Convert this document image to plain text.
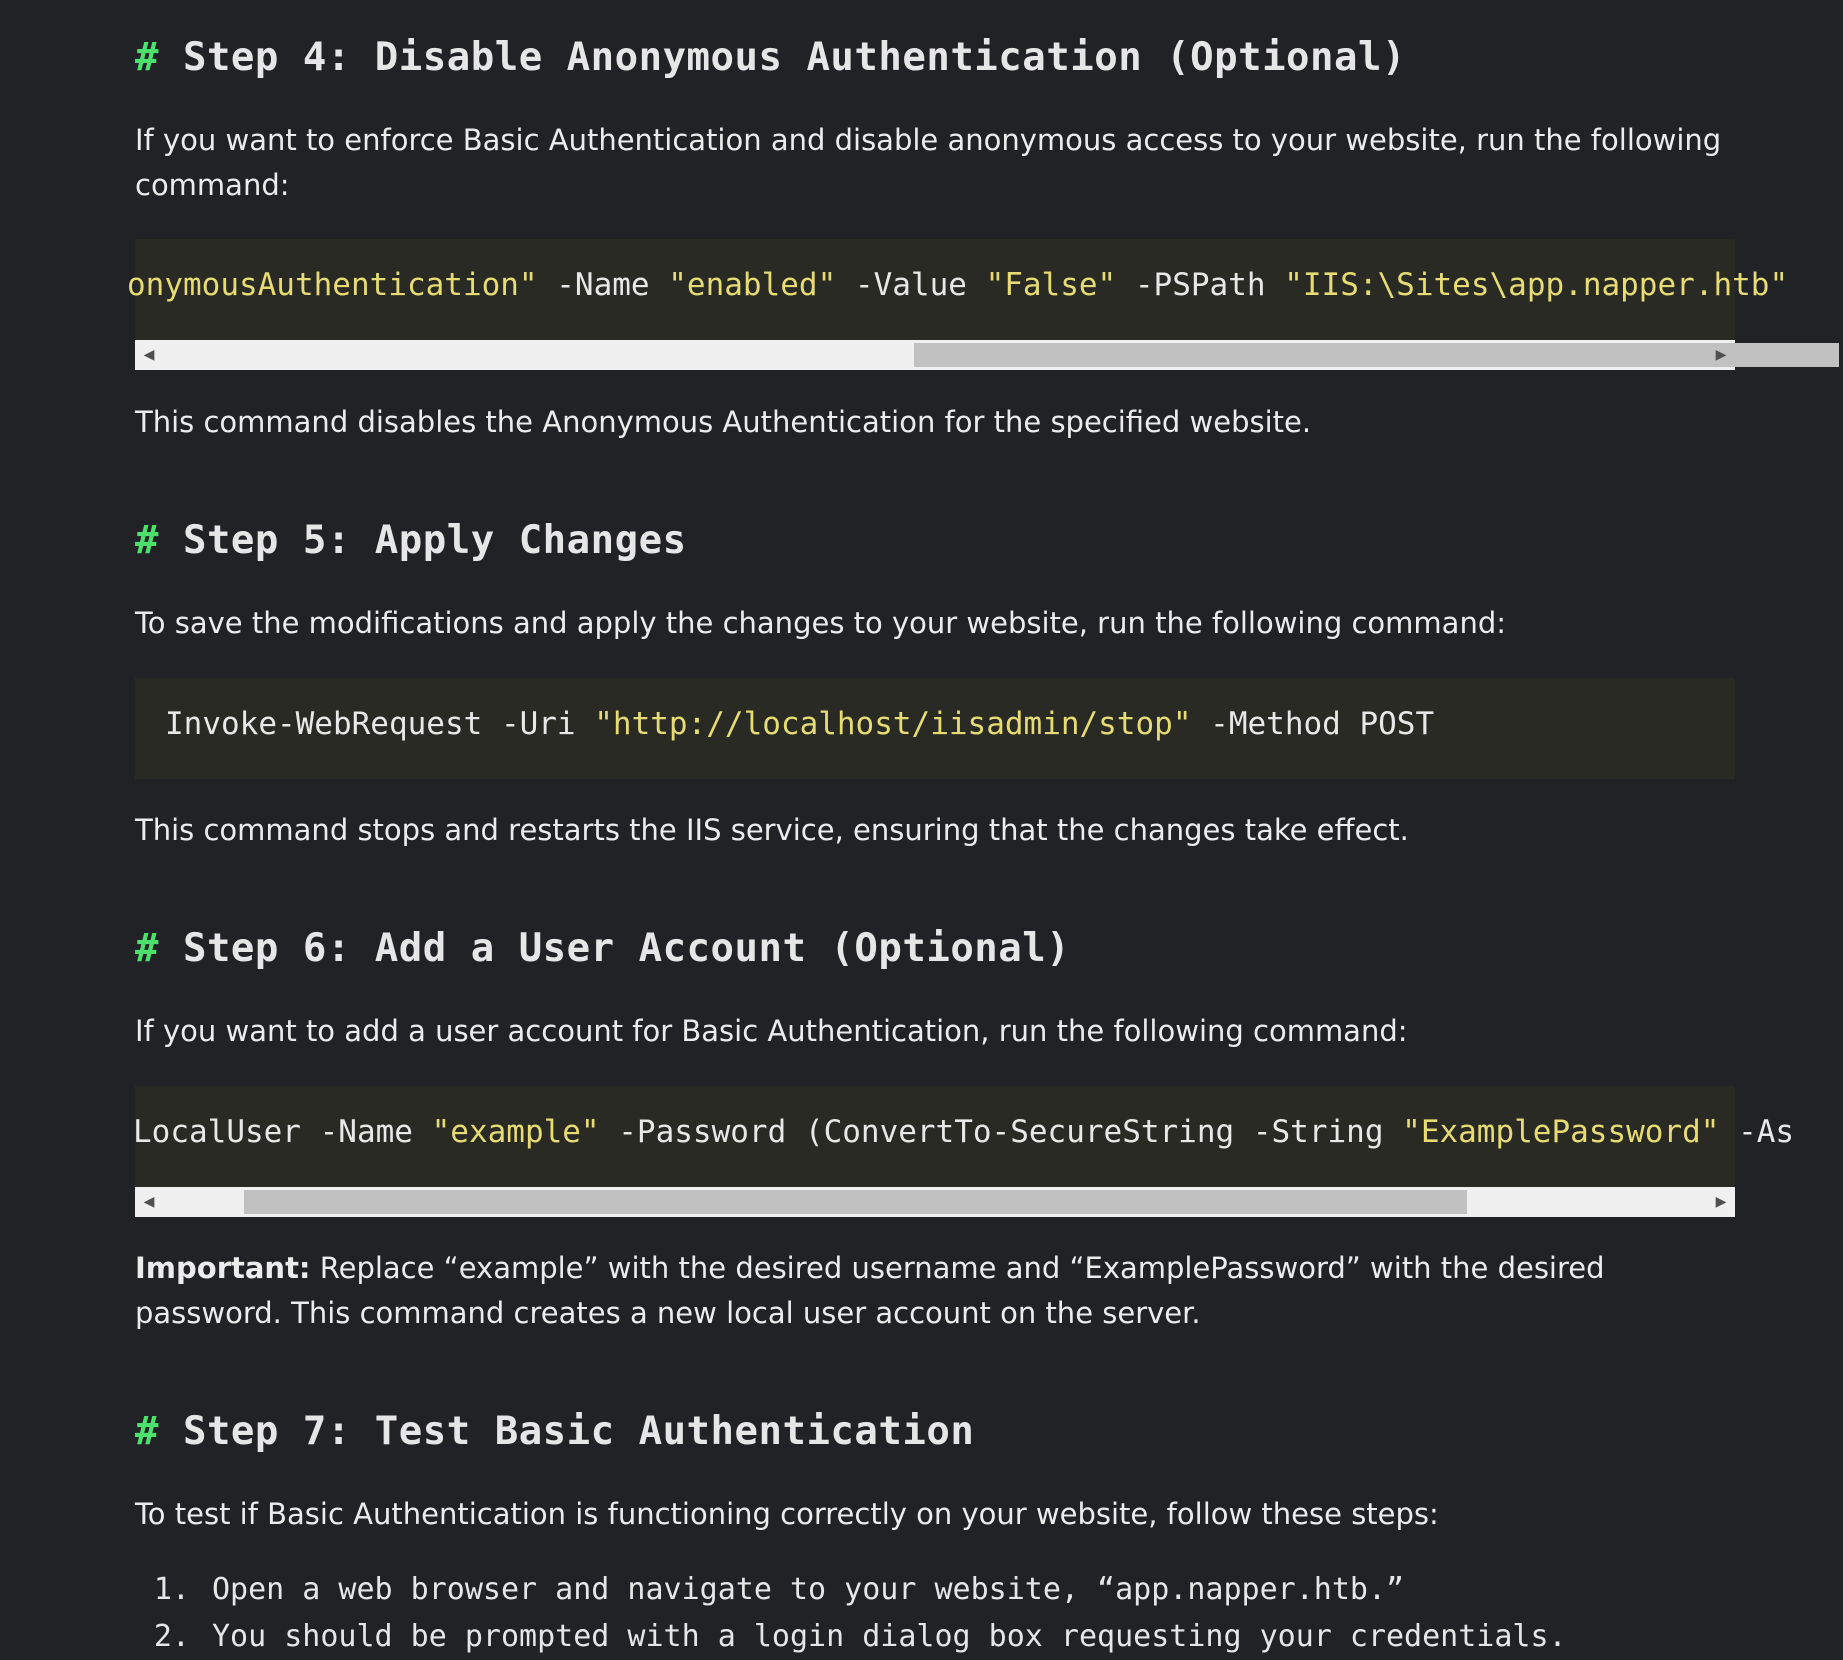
# Step 4: Disable Anonymous Authentication (Optional)

If you want to enforce Basic Authentication and disable anonymous access to your website, run the following command:

onymousAuthentication" -Name "enabled" -Value "False" -PSPath "IIS:\Sites\app.napper.htb"
◀	▶

This command disables the Anonymous Authentication for the specified website.

# Step 5: Apply Changes

To save the modifications and apply the changes to your website, run the following command:

Invoke-WebRequest -Uri "http://localhost/iisadmin/stop" -Method POST

This command stops and restarts the IIS service, ensuring that the changes take effect.

# Step 6: Add a User Account (Optional)

If you want to add a user account for Basic Authentication, run the following command:

LocalUser -Name "example" -Password (ConvertTo-SecureString -String "ExamplePassword" -As
◀	▶

Important: Replace “example” with the desired username and “ExamplePassword” with the desired password. This command creates a new local user account on the server.

# Step 7: Test Basic Authentication

To test if Basic Authentication is functioning correctly on your website, follow these steps:

1. Open a web browser and navigate to your website, “app.napper.htb.”
2. You should be prompted with a login dialog box requesting your credentials.
